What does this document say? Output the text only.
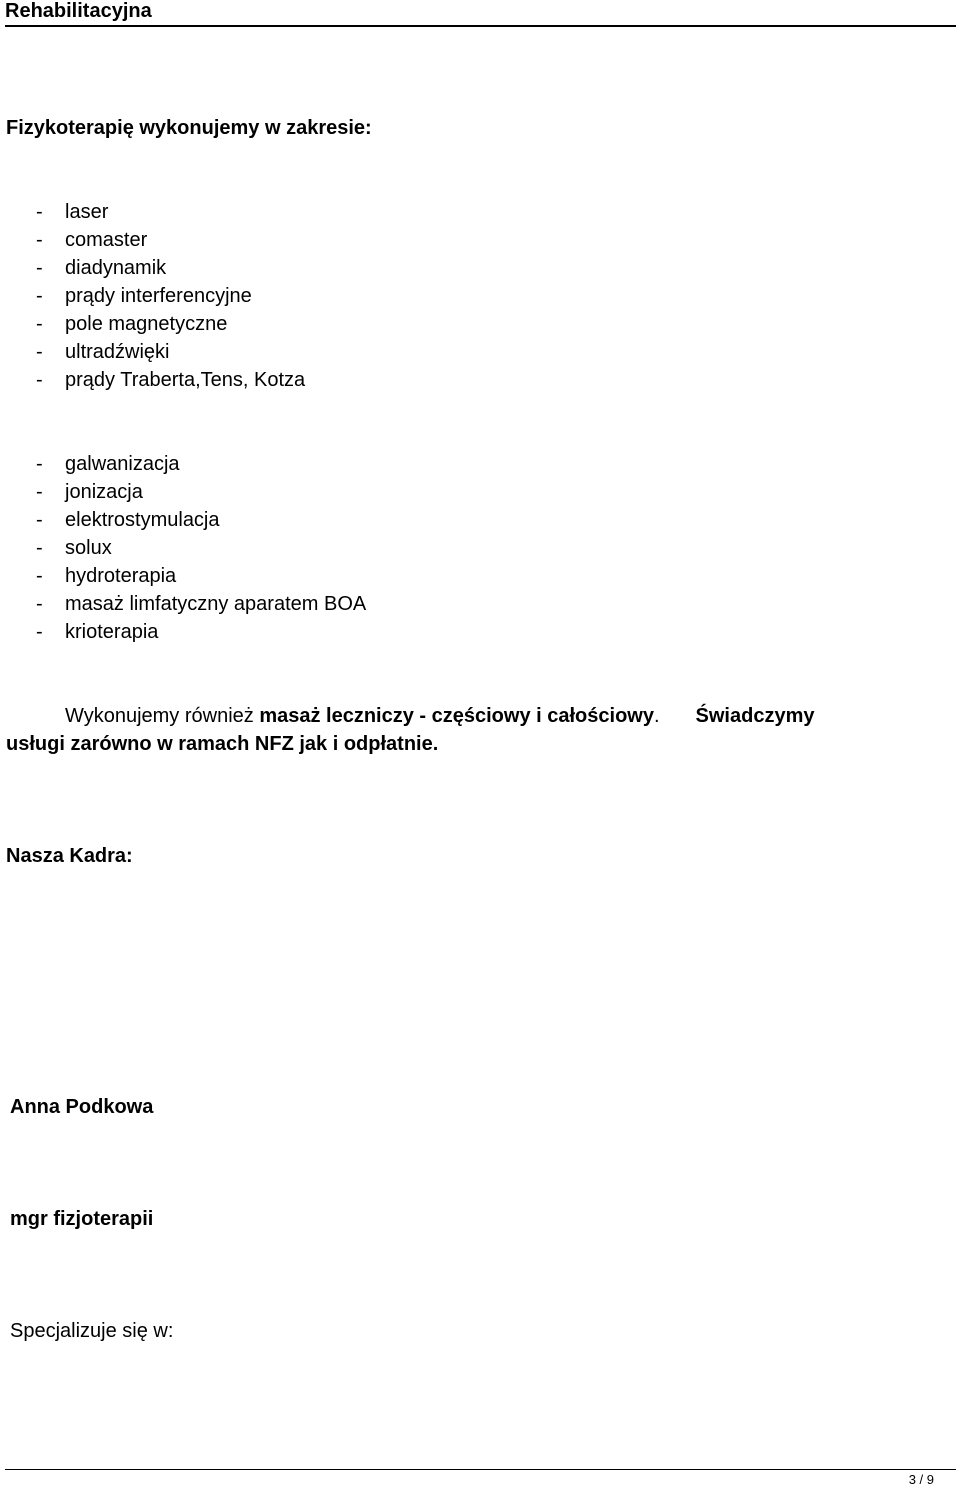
Rehabilitacyjna
Fizykoterapię wykonujemy w zakresie:
- laser
- comaster
- diadynamik
- prądy interferencyjne
- pole magnetyczne
- ultradźwięki
- prądy Traberta,Tens, Kotza
- galwanizacja
- jonizacja
- elektrostymulacja
- solux
- hydroterapia
- masaż limfatyczny aparatem BOA
- krioterapia
Wykonujemy również masaż leczniczy - częściowy i całościowy. Świadczymy
usługi zarówno w ramach NFZ jak i odpłatnie.
Nasza Kadra:
Anna Podkowa
mgr fizjoterapii
Specjalizuje się w:
3 / 9
